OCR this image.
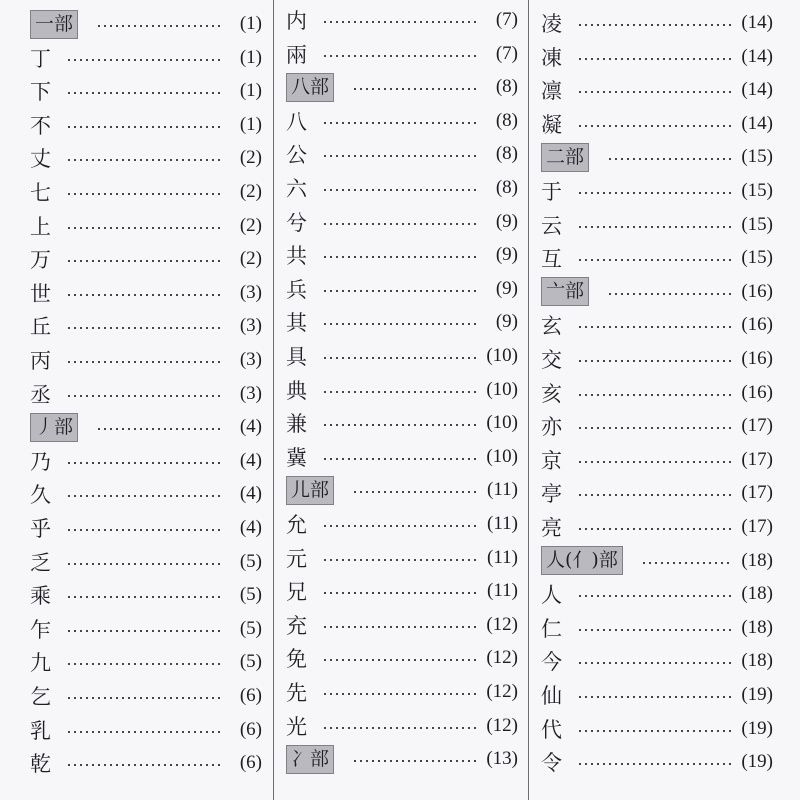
一部	(1)
丁	(1)
下	(1)
不	(1)
丈	(2)
七	(2)
上	(2)
万	(2)
世	(3)
丘	(3)
丙	(3)
丞	(3)
丿部	(4)
乃	(4)
久	(4)
乎	(4)
乏	(5)
乘	(5)
乍	(5)
九	(5)
乞	(6)
乳	(6)
乾	(6)
内	(7)
兩	(7)
八部	(8)
八	(8)
公	(8)
六	(8)
兮	(9)
共	(9)
兵	(9)
其	(9)
具	(10)
典	(10)
兼	(10)
冀	(10)
儿部	(11)
允	(11)
元	(11)
兄	(11)
充	(12)
免	(12)
先	(12)
光	(12)
冫部	(13)
凌	(14)
凍	(14)
凛	(14)
凝	(14)
二部	(15)
于	(15)
云	(15)
互	(15)
亠部	(16)
玄	(16)
交	(16)
亥	(16)
亦	(17)
京	(17)
亭	(17)
亮	(17)
人(亻)部	(18)
人	(18)
仁	(18)
今	(18)
仙	(19)
代	(19)
令	(19)
